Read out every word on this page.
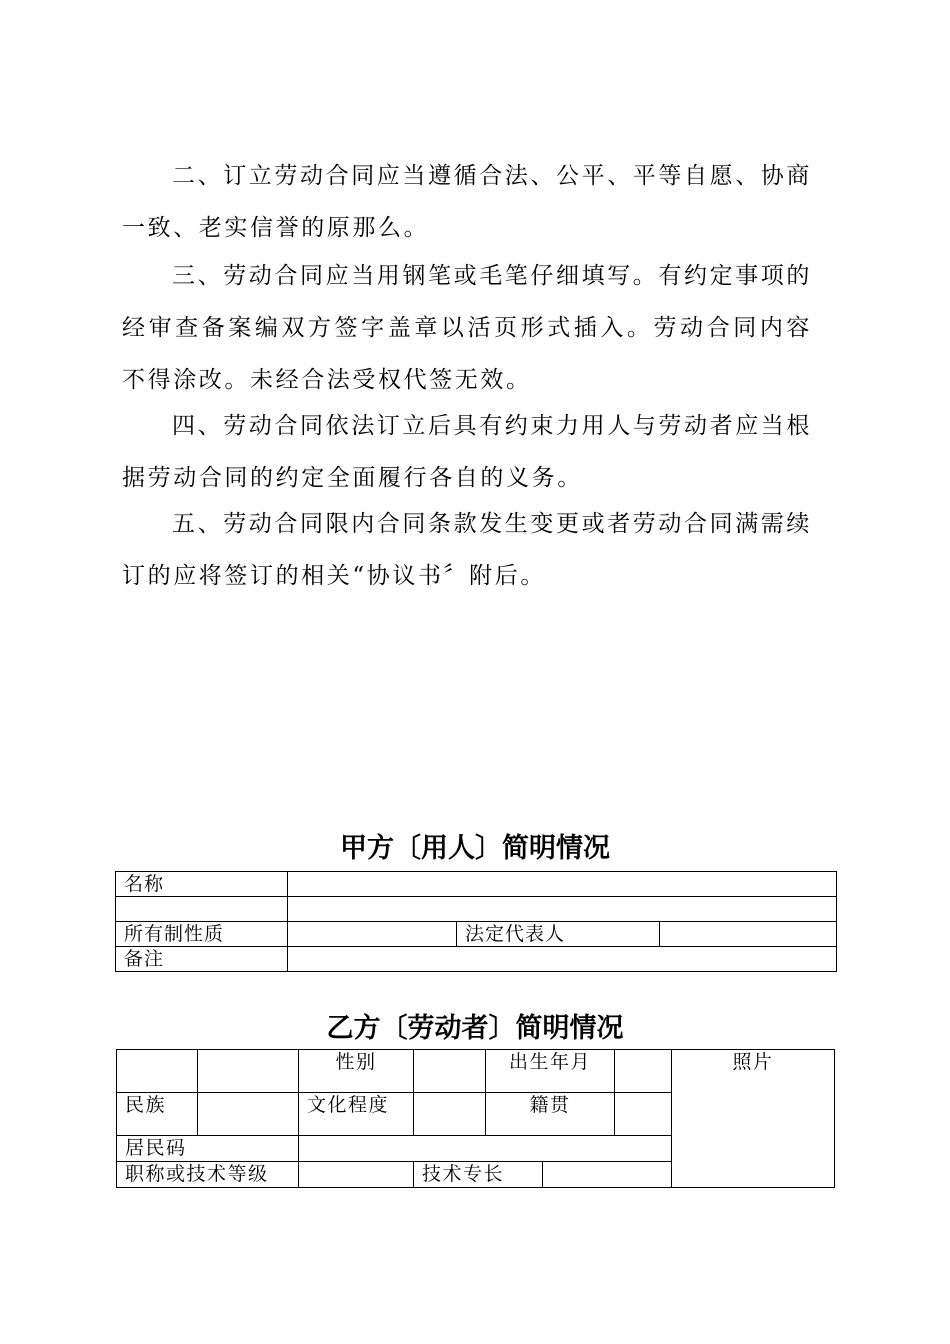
二、订立劳动合同应当遵循合法、公平、平等自愿、协商一致、老实信誉的原那么。

三、劳动合同应当用钢笔或毛笔仔细填写。有约定事项的经审查备案编双方签字盖章以活页形式插入。劳动合同内容不得涂改。未经合法受权代签无效。

四、劳动合同依法订立后具有约束力用人与劳动者应当根据劳动合同的约定全面履行各自的义务。

五、劳动合同限内合同条款发生变更或者劳动合同满需续订的应将签订的相关“协议书〞附后。

甲方〔用人〕简明情况
名称			

所有制性质		法定代表人	
备注			
乙方〔劳动者〕简明情况
		性别		出生年月			照片
民族		文化程度		籍贯			
居民码							
职称或技术等级			技术专长				
